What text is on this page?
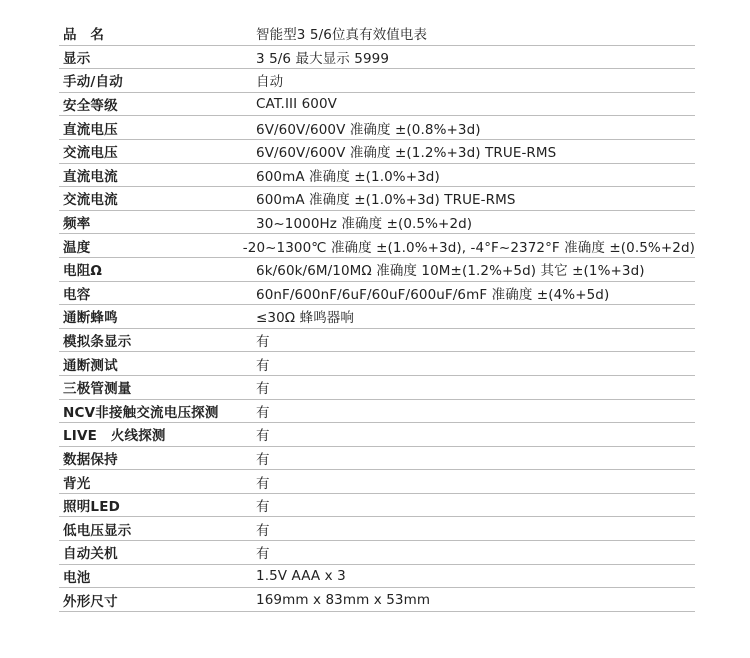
品　名	智能型3 5/6位真有效值电表
显示	3 5/6 最大显示 5999
手动/自动	自动
安全等级	CAT.III 600V
直流电压	6V/60V/600V 准确度 ±(0.8%+3d)
交流电压	6V/60V/600V 准确度 ±(1.2%+3d) TRUE-RMS
直流电流	600mA 准确度 ±(1.0%+3d)
交流电流	600mA 准确度 ±(1.0%+3d) TRUE-RMS
频率	30~1000Hz 准确度 ±(0.5%+2d)
温度	-20~1300℃ 准确度 ±(1.0%+3d), -4°F~2372°F 准确度 ±(0.5%+2d)
电阻Ω	6k/60k/6M/10MΩ 准确度 10M±(1.2%+5d) 其它 ±(1%+3d)
电容	60nF/600nF/6uF/60uF/600uF/6mF 准确度 ±(4%+5d)
通断蜂鸣	≤30Ω 蜂鸣器响
模拟条显示	有
通断测试	有
三极管测量	有
NCV非接触交流电压探测	有
LIVE　火线探测	有
数据保持	有
背光	有
照明LED	有
低电压显示	有
自动关机	有
电池	1.5V AAA x 3
外形尺寸	169mm x 83mm x 53mm
